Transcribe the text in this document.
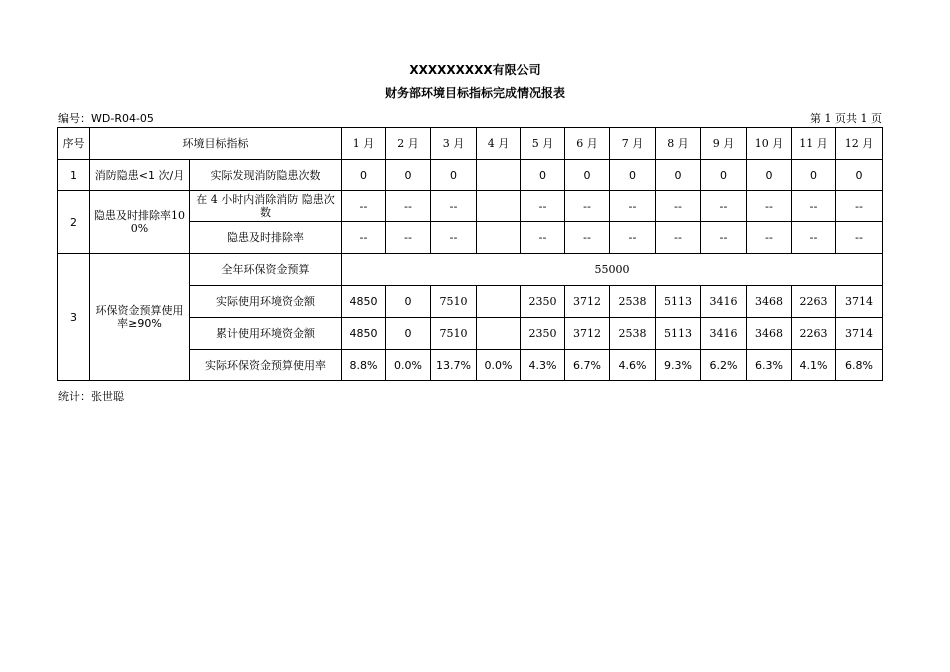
XXXXXXXXX有限公司
财务部环境目标指标完成情况报表
编号：WD-R04-05	第 1 页共 1 页
序号	环境目标指标		1 月	2 月	3 月	4 月	5 月	6 月	7 月	8 月	9 月	10 月	11 月	12 月
1	消防隐患<1 次/月	实际发现消防隐患次数	0	0	0		0	0	0	0	0	0	0	0
2	隐患及时排除率100%	在 4 小时内消除消防 隐患次数	--	--	--		--	--	--	--	--	--	--	--
		隐患及时排除率	--	--	--		--	--	--	--	--	--	--	--
3	环保资金预算使用率≥90%	全年环保资金预算	55000											
		实际使用环境资金额	4850	0	7510		2350	3712	2538	5113	3416	3468	2263	3714
		累计使用环境资金额	4850	0	7510		2350	3712	2538	5113	3416	3468	2263	3714
		实际环保资金预算使用率	8.8%	0.0%	13.7%	0.0%	4.3%	6.7%	4.6%	9.3%	6.2%	6.3%	4.1%	6.8%
统计：张世聪
